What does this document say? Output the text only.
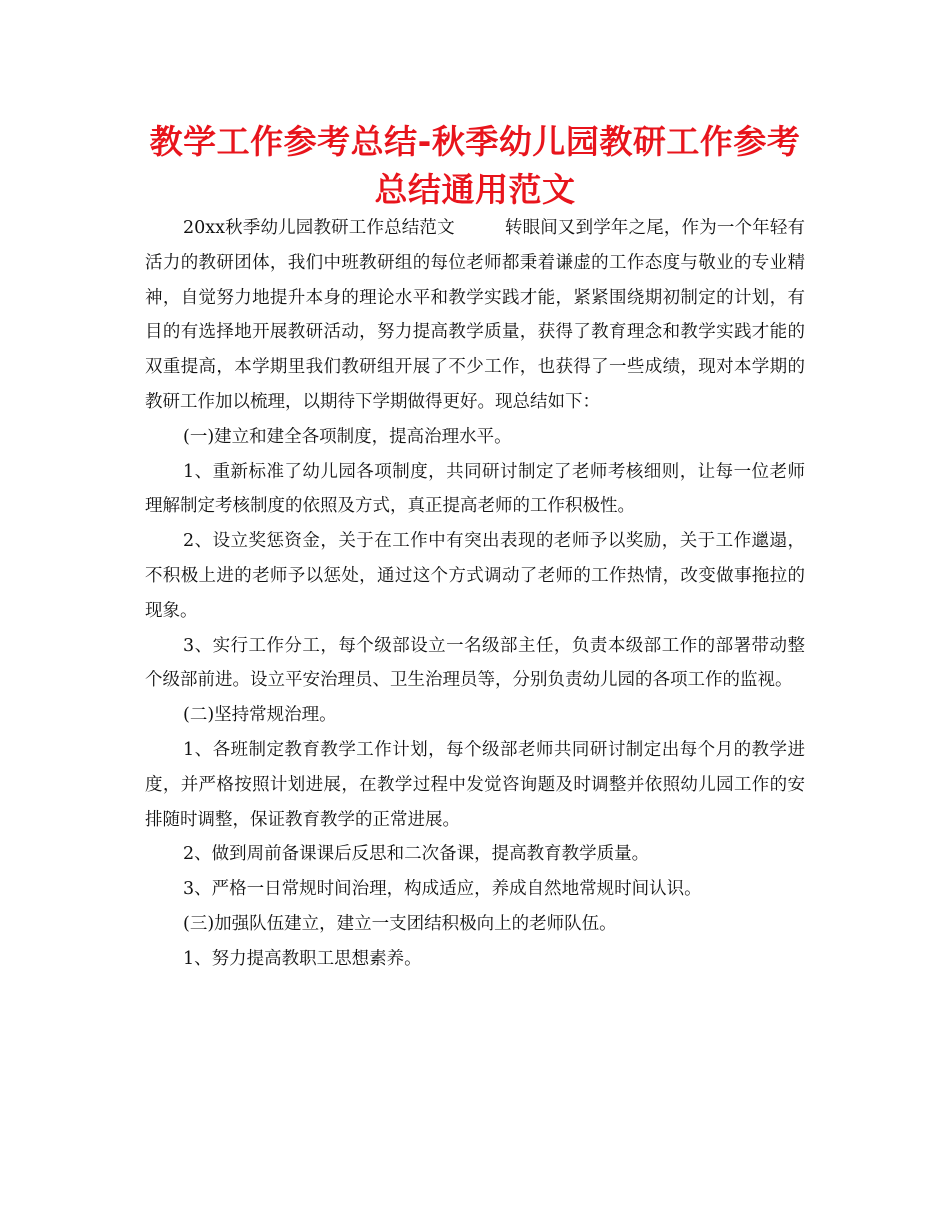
教学工作参考总结-秋季幼儿园教研工作参考总结通用范文

20xx秋季幼儿园教研工作总结范文	转眼间又到学年之尾，作为一个年轻有活力的教研团体，我们中班教研组的每位老师都秉着谦虚的工作态度与敬业的专业精神，自觉努力地提升本身的理论水平和教学实践才能，紧紧围绕期初制定的计划，有目的有选择地开展教研活动，努力提高教学质量，获得了教育理念和教学实践才能的双重提高，本学期里我们教研组开展了不少工作，也获得了一些成绩，现对本学期的教研工作加以梳理，以期待下学期做得更好。现总结如下：

(一)建立和建全各项制度，提高治理水平。

1、重新标准了幼儿园各项制度，共同研讨制定了老师考核细则，让每一位老师理解制定考核制度的依照及方式，真正提高老师的工作积极性。

2、设立奖惩资金，关于在工作中有突出表现的老师予以奖励，关于工作邋遢，不积极上进的老师予以惩处，通过这个方式调动了老师的工作热情，改变做事拖拉的现象。

3、实行工作分工，每个级部设立一名级部主任，负责本级部工作的部署带动整个级部前进。设立平安治理员、卫生治理员等，分别负责幼儿园的各项工作的监视。

(二)坚持常规治理。

1、各班制定教育教学工作计划，每个级部老师共同研讨制定出每个月的教学进度，并严格按照计划进展，在教学过程中发觉咨询题及时调整并依照幼儿园工作的安排随时调整，保证教育教学的正常进展。

2、做到周前备课课后反思和二次备课，提高教育教学质量。

3、严格一日常规时间治理，构成适应，养成自然地常规时间认识。

(三)加强队伍建立，建立一支团结积极向上的老师队伍。

1、努力提高教职工思想素养。
